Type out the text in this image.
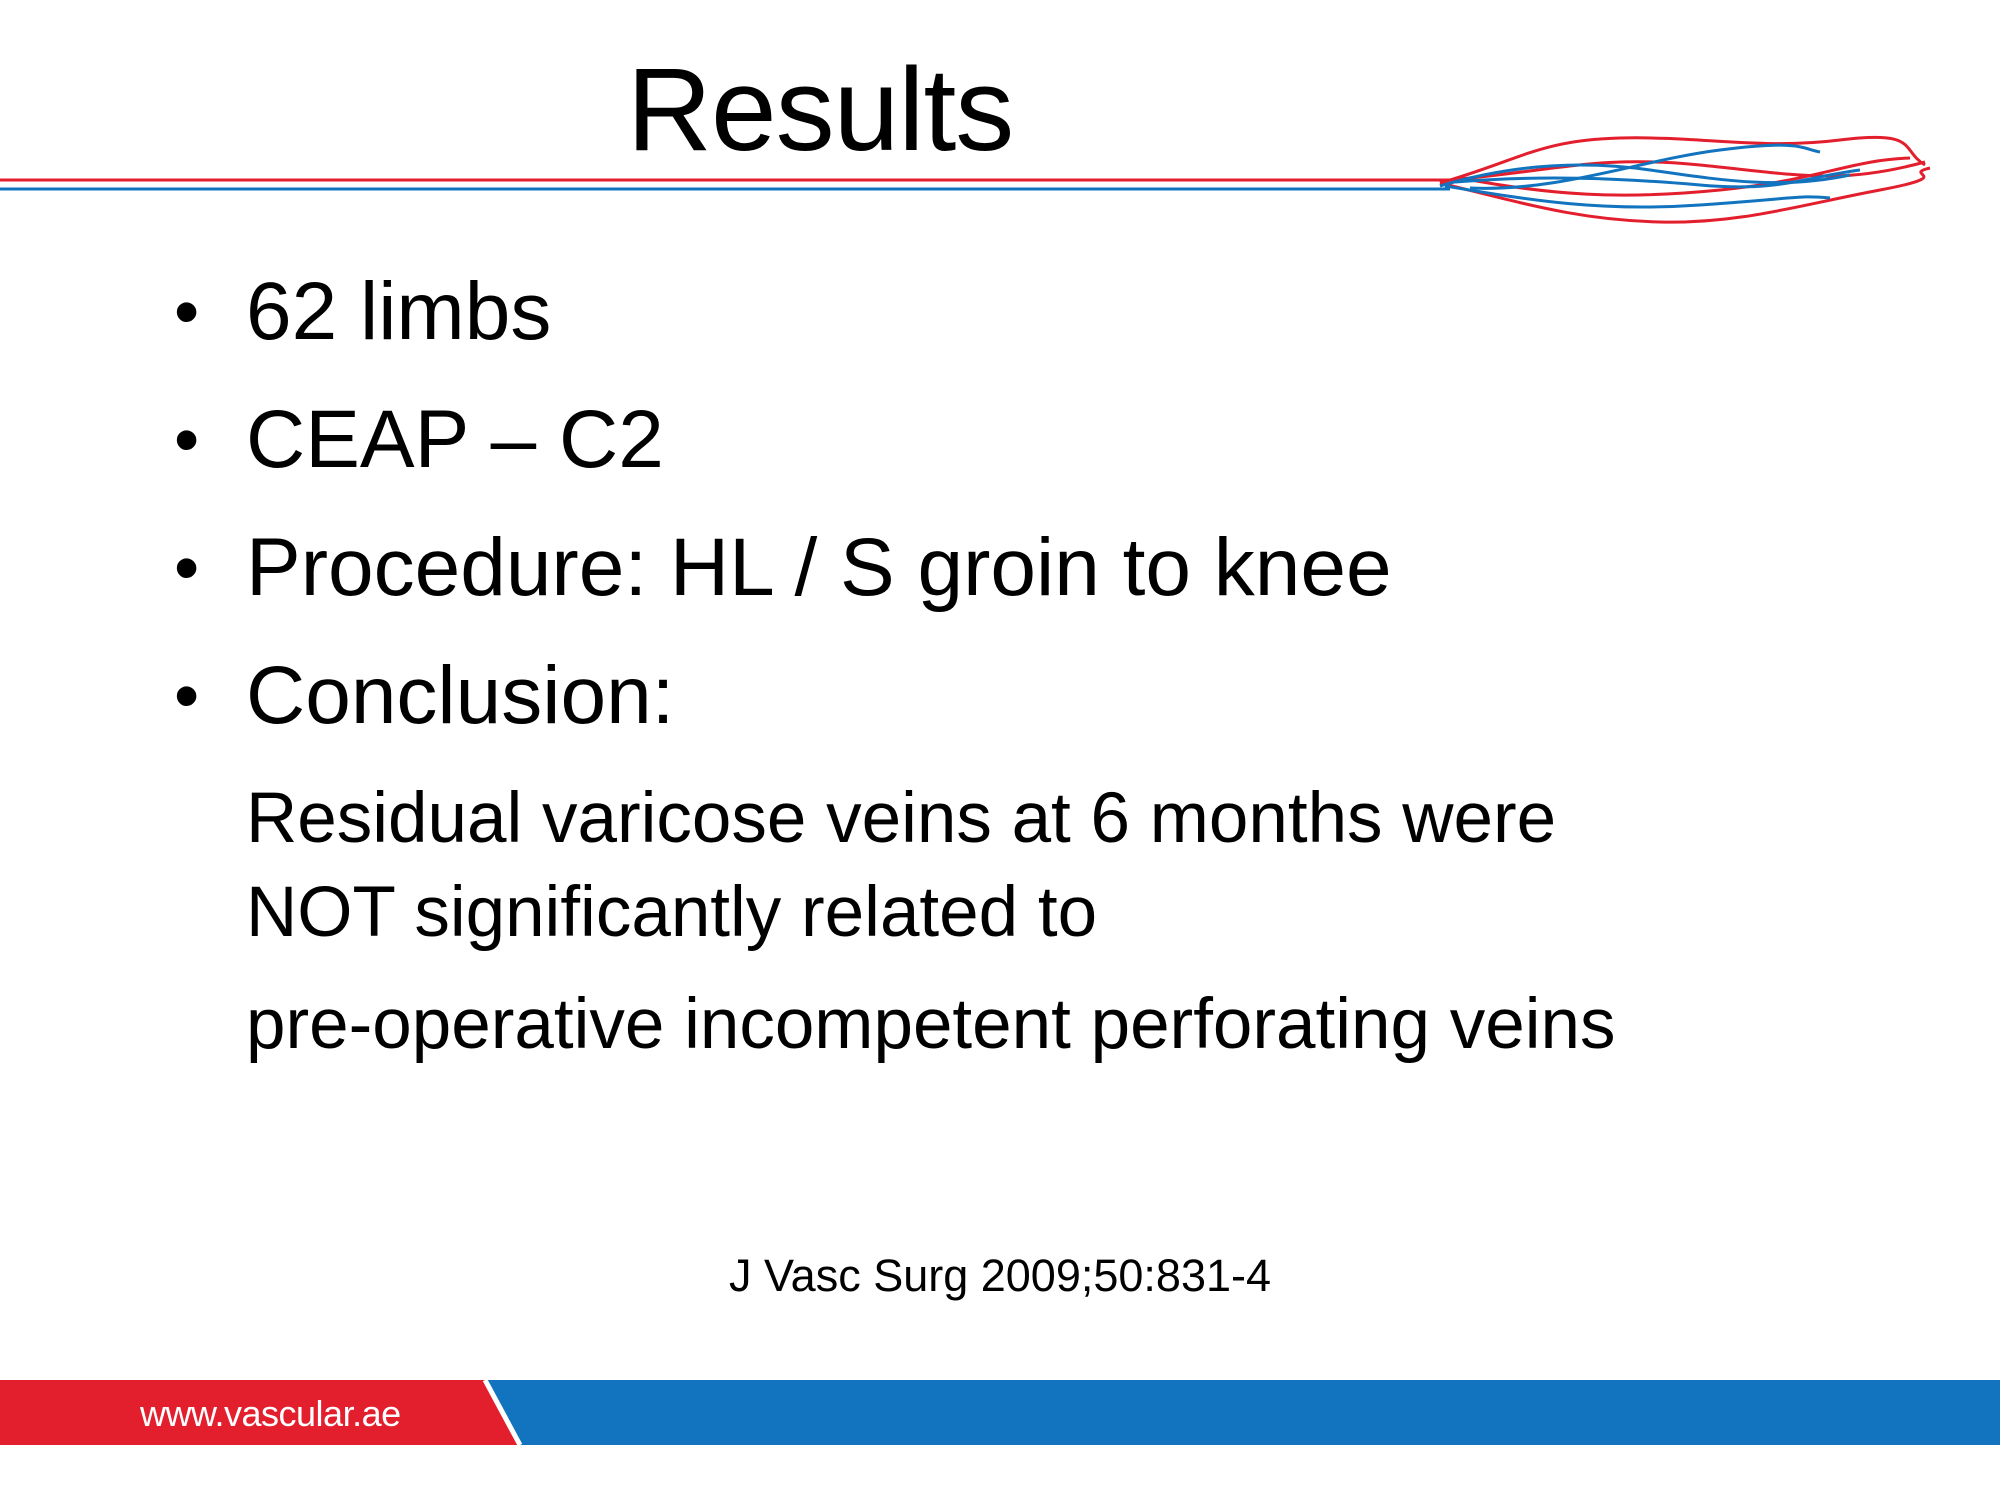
Results
• 62 limbs
• CEAP – C2
• Procedure: HL / S groin to knee
• Conclusion:
Residual varicose veins at 6 months were
NOT significantly related to
pre-operative incompetent perforating veins
J Vasc Surg 2009;50:831-4
www.vascular.ae
